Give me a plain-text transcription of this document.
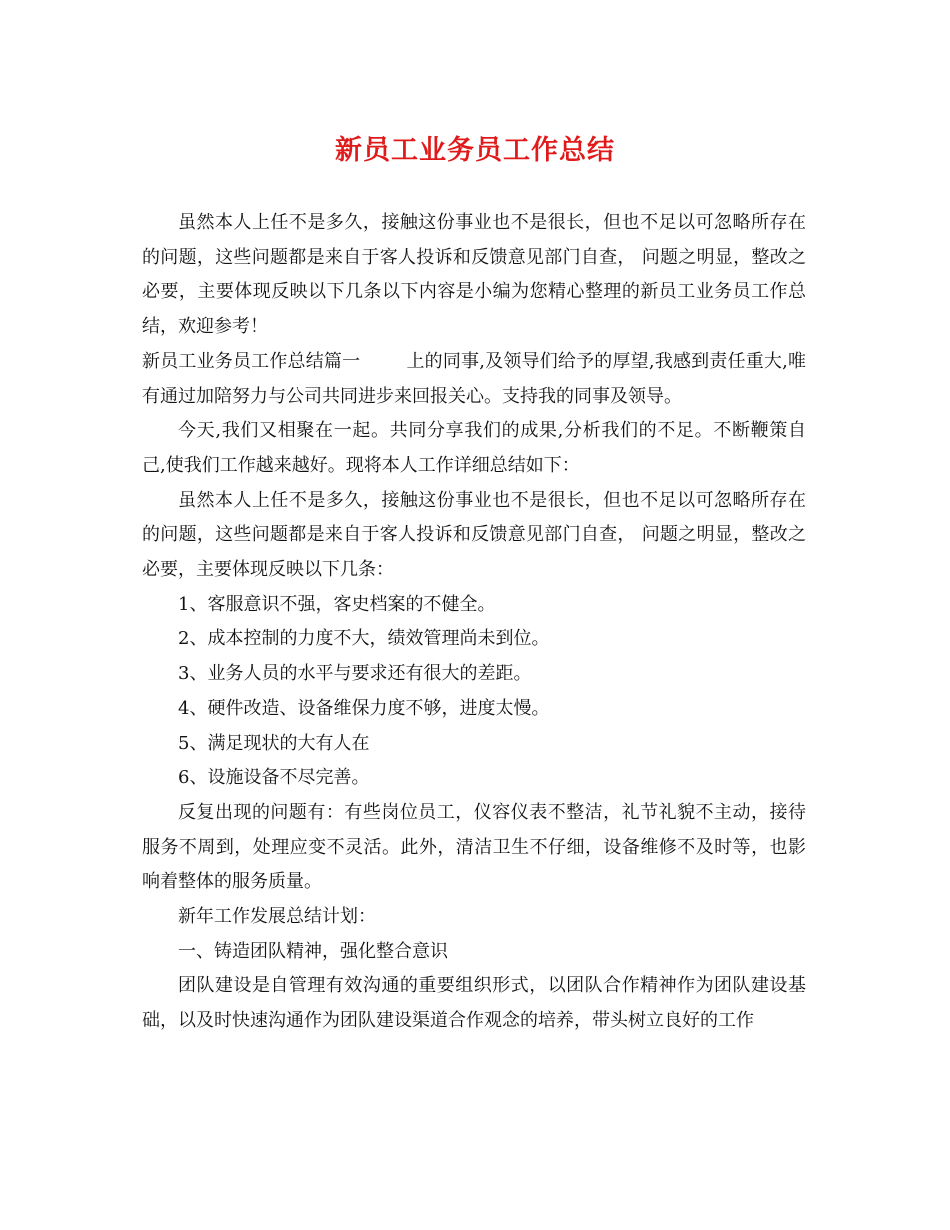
新员工业务员工作总结

虽然本人上任不是多久，接触这份事业也不是很长，但也不足以可忽略所存在的问题，这些问题都是来自于客人投诉和反馈意见部门自查， 问题之明显，整改之必要，主要体现反映以下几条以下内容是小编为您精心整理的新员工业务员工作总结，欢迎参考！

新员工业务员工作总结篇一	上的同事,及领导们给予的厚望,我感到责任重大,唯有通过加陪努力与公司共同进步来回报关心。支持我的同事及领导。

今天,我们又相聚在一起。共同分享我们的成果,分析我们的不足。不断鞭策自己,使我们工作越来越好。现将本人工作详细总结如下：

虽然本人上任不是多久，接触这份事业也不是很长，但也不足以可忽略所存在的问题，这些问题都是来自于客人投诉和反馈意见部门自查， 问题之明显，整改之必要，主要体现反映以下几条：

1、客服意识不强，客史档案的不健全。

2、成本控制的力度不大，绩效管理尚未到位。

3、业务人员的水平与要求还有很大的差距。

4、硬件改造、设备维保力度不够，进度太慢。

5、满足现状的大有人在

6、设施设备不尽完善。

反复出现的问题有：有些岗位员工，仪容仪表不整洁，礼节礼貌不主动，接待服务不周到，处理应变不灵活。此外，清洁卫生不仔细，设备维修不及时等，也影响着整体的服务质量。

新年工作发展总结计划：

一、铸造团队精神，强化整合意识

团队建设是自管理有效沟通的重要组织形式，以团队合作精神作为团队建设基础，以及时快速沟通作为团队建设渠道合作观念的培养，带头树立良好的工作
